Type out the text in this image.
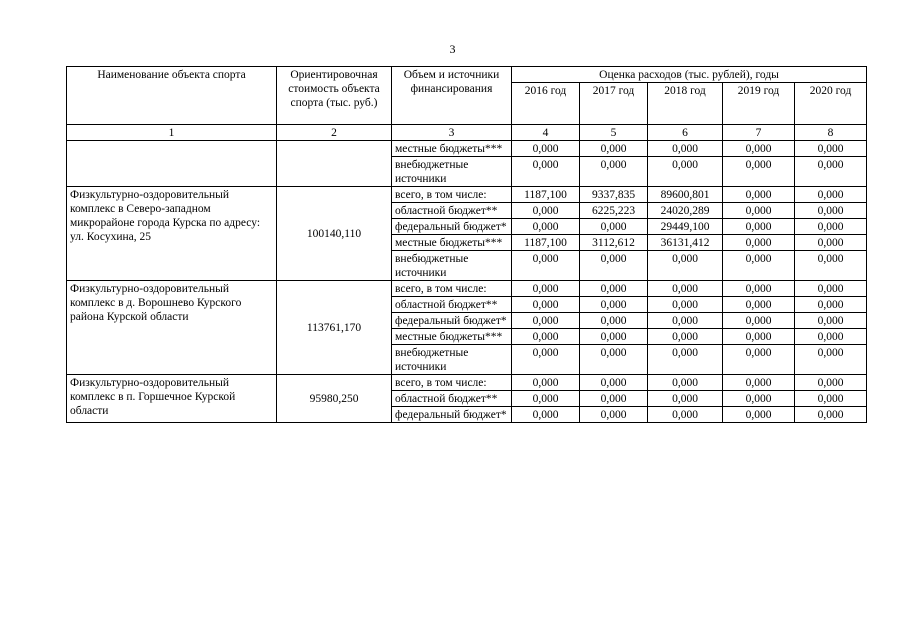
3
Наименование объекта спорта	Ориентировочная стоимость объекта спорта (тыс. руб.)	Объем и источники финансирования	Оценка расходов (тыс. рублей), годы				
			2016 год	2017 год	2018 год	2019 год	2020 год
1	2	3	4	5	6	7	8
		местные бюджеты***	0,000	0,000	0,000	0,000	0,000
		внебюджетные источники	0,000	0,000	0,000	0,000	0,000
Физкультурно-оздоровительный комплекс в Северо-западном микрорайоне города Курска по адресу: ул. Косухина, 25	100140,110	всего, в том числе:	1187,100	9337,835	89600,801	0,000	0,000
		областной бюджет**	0,000	6225,223	24020,289	0,000	0,000
		федеральный бюджет*	0,000	0,000	29449,100	0,000	0,000
		местные бюджеты***	1187,100	3112,612	36131,412	0,000	0,000
		внебюджетные источники	0,000	0,000	0,000	0,000	0,000
Физкультурно-оздоровительный комплекс в д. Ворошнево Курского района Курской области	113761,170	всего, в том числе:	0,000	0,000	0,000	0,000	0,000
		областной бюджет**	0,000	0,000	0,000	0,000	0,000
		федеральный бюджет*	0,000	0,000	0,000	0,000	0,000
		местные бюджеты***	0,000	0,000	0,000	0,000	0,000
		внебюджетные источники	0,000	0,000	0,000	0,000	0,000
Физкультурно-оздоровительный комплекс в п. Горшечное Курской области	95980,250	всего, в том числе:	0,000	0,000	0,000	0,000	0,000
		областной бюджет**	0,000	0,000	0,000	0,000	0,000
		федеральный бюджет*	0,000	0,000	0,000	0,000	0,000
